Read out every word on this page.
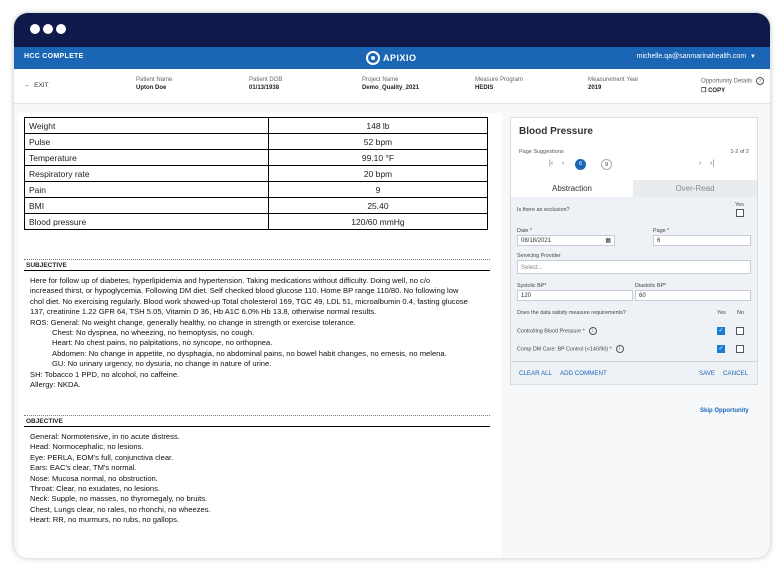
HCC COMPLETE	APIXIO	michelle.qa@sanmarinahealth.com ▼
← EXIT
Patient Name
Upton Doe
Patient DOB
01/13/1938
Project Name
Demo_Quality_2021
Measure Program
HEDIS
Measurement Year
2019
Opportunity Details ?
❐ COPY
Weight	148 lb
Pulse	52 bpm
Temperature	99.10 °F
Respiratory rate	20 bpm
Pain	9
BMI	25.40
Blood pressure	120/60 mmHg
SUBJECTIVE
Here for follow up of diabetes, hyperlipidemia and hypertension. Taking medications without difficulty. Doing well, no c/o
increased thirst, or hypoglycemia. Following DM diet. Self checked blood glucose 110. Home BP range 110/80. No following low
chol diet. No exercising regularly. Blood work showed-up Total cholesterol 169, TGC 49, LDL 51, microalbumin 0.4, fasting glucose
137, creatinine 1.22 GFR 64, TSH 5.05, Vitamin D 36, Hb A1C 6.0% Hb 13.8, otherwise normal results.
ROS: General: No weight change, generally healthy, no change in strength or exercise tolerance.
Chest: No dyspnea, no wheezing, no hemoptysis, no cough.
Heart: No chest pains, no palpitations, no syncope, no orthopnea.
Abdomen: No change in appetite, no dysphagia, no abdominal pains, no bowel habit changes, no emesis, no melena.
GU: No urinary urgency, no dysuria, no change in nature of urine.
SH: Tobacco 1 PPD, no alcohol, no caffeine.
Allergy: NKDA.
OBJECTIVE
General: Normotensive, in no acute distress.
Head: Normocephalic, no lesions.
Eye: PERLA, EOM's full, conjunctiva clear.
Ears: EAC's clear, TM's normal.
Nose: Mucosa normal, no obstruction.
Throat: Clear, no exudates, no lesions.
Neck: Supple, no masses, no thyromegaly, no bruits.
Chest, Lungs clear, no rales, no rhonchi, no wheezes.
Heart: RR, no murmurs, no rubs, no gallops.
Blood Pressure
Page Suggestions	1-2 of 2
|‹ ‹	6	9	› ›|
Abstraction	Over-Read
Is there an exclusion?
Yes
Date *
08/18/2021	▦
Page *
6
Servicing Provider
Select...
Systolic BP*
120
Diastolic BP*
60
Does the data satisfy measure requirements?	Yes No
Controlling Blood Pressure * i	✓
Comp DM Care: BP Control (<140/90) * i	✓
CLEAR ALL ADD COMMENT	SAVE CANCEL
Skip Opportunity
